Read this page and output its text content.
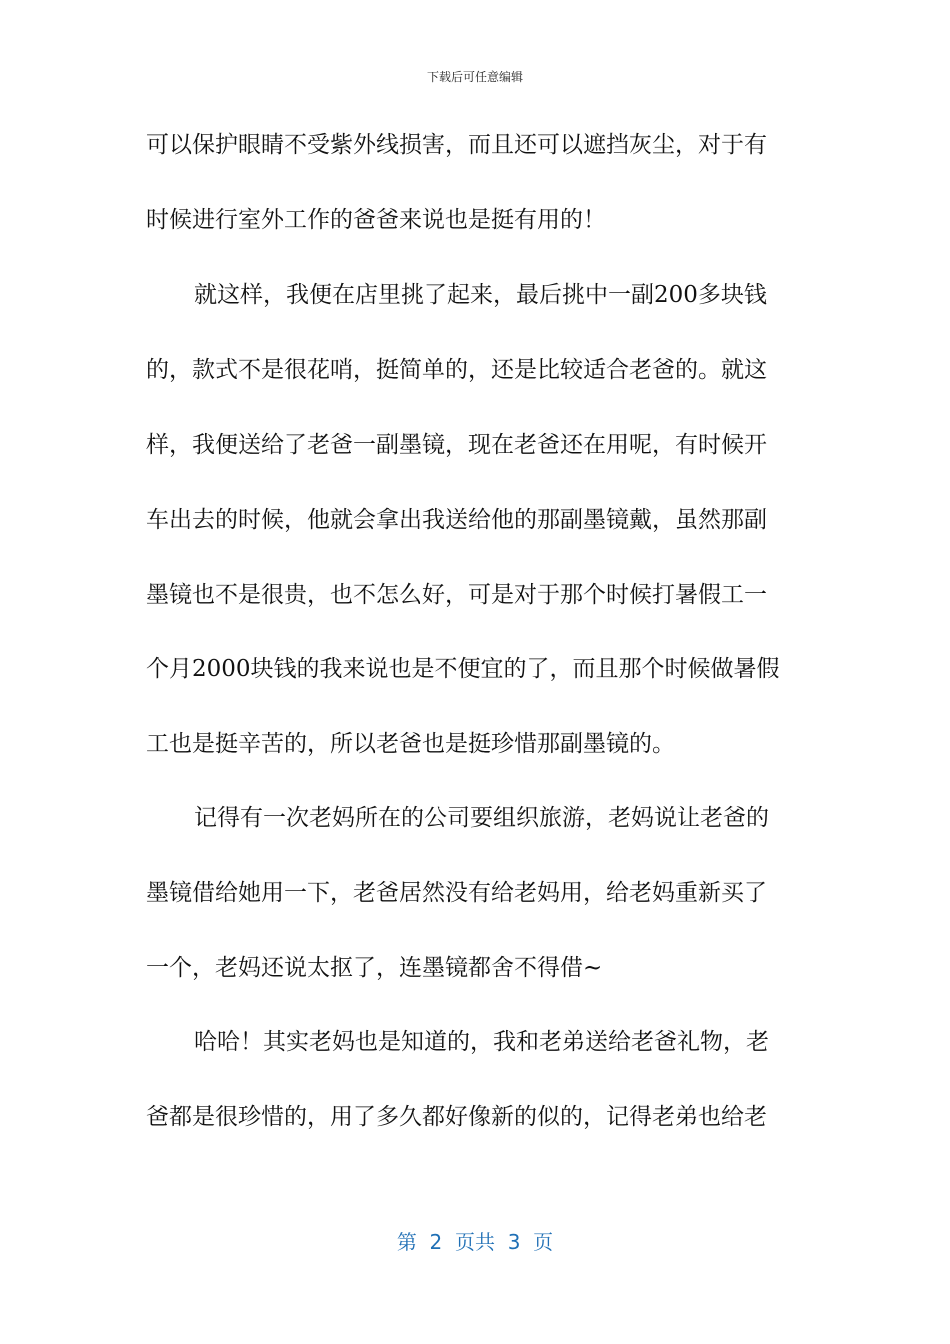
下载后可任意编辑
可以保护眼睛不受紫外线损害，而且还可以遮挡灰尘，对于有
时候进行室外工作的爸爸来说也是挺有用的！
就这样，我便在店里挑了起来，最后挑中一副200多块钱
的，款式不是很花哨，挺简单的，还是比较适合老爸的。就这
样，我便送给了老爸一副墨镜，现在老爸还在用呢，有时候开
车出去的时候，他就会拿出我送给他的那副墨镜戴，虽然那副
墨镜也不是很贵，也不怎么好，可是对于那个时候打暑假工一
个月2000块钱的我来说也是不便宜的了，而且那个时候做暑假
工也是挺辛苦的，所以老爸也是挺珍惜那副墨镜的。
记得有一次老妈所在的公司要组织旅游，老妈说让老爸的
墨镜借给她用一下，老爸居然没有给老妈用，给老妈重新买了
一个，老妈还说太抠了，连墨镜都舍不得借~
哈哈！其实老妈也是知道的，我和老弟送给老爸礼物，老
爸都是很珍惜的，用了多久都好像新的似的，记得老弟也给老
第  2  页共  3  页
